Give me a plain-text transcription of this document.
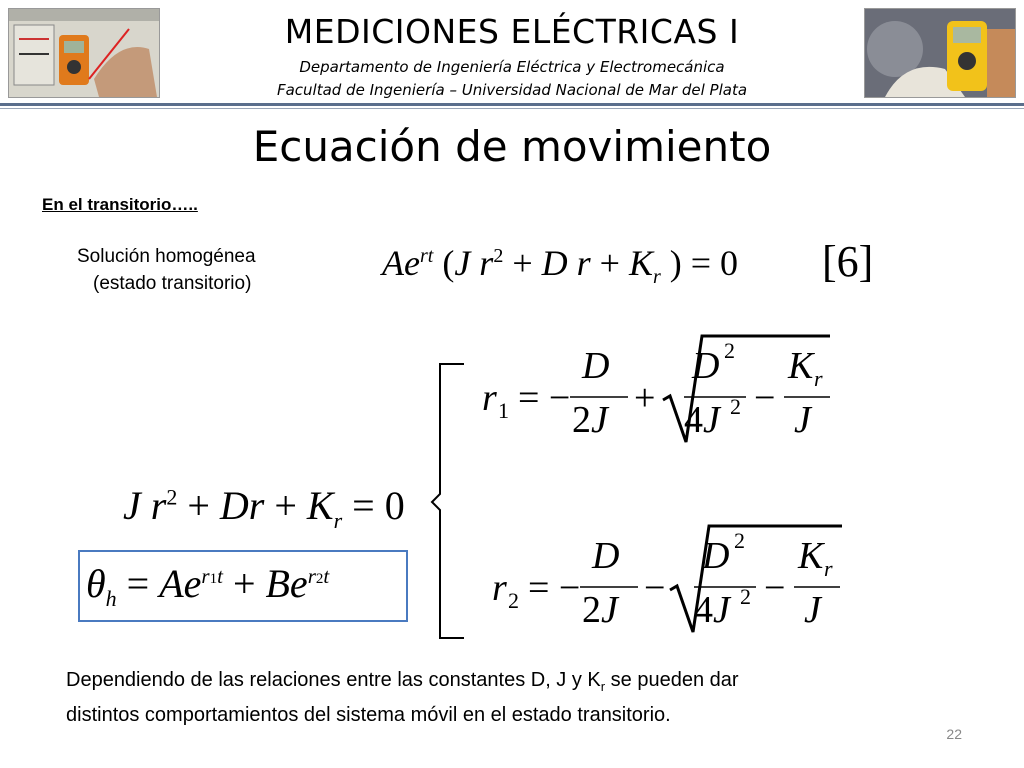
MEDICIONES ELÉCTRICAS I
Departamento de Ingeniería Eléctrica y Electromecánica
Facultad de Ingeniería – Universidad Nacional de Mar del Plata
Ecuación de movimiento
En el transitorio…..
Solución homogénea
(estado transitorio)
$Ae^{rt}$ (J $r^2 + D$ $r + K_r$ ) = 0 [6]
J $r^2 + Dr + K_r = 0$
$\theta_h = Ae^{r1t} + Be^{r2t}$
r 1 = −
D
2J
+
D 2
4J 2 −
K r
J
r 2 = −
D
2J
−
D 2
4J 2 −
K r
J
Dependiendo de las relaciones entre las constantes D, J y $K_r$ se pueden dar
distintos comportamientos del sistema móvil en el estado transitorio.
22
